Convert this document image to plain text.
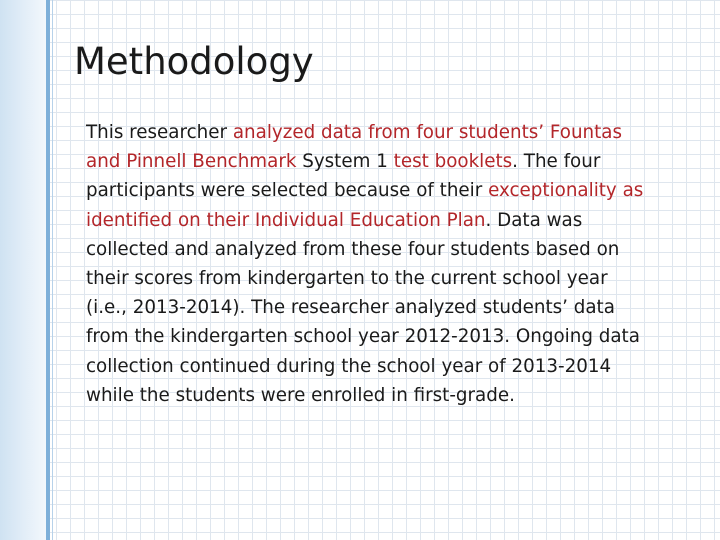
Methodology

This researcher analyzed data from four students’ Fountas and Pinnell Benchmark System 1 test booklets. The four participants were selected because of their exceptionality as identified on their Individual Education Plan. Data was collected and analyzed from these four students based on their scores from kindergarten to the current school year (i.e., 2013-2014). The researcher analyzed students’ data from the kindergarten school year 2012-2013. Ongoing data collection continued during the school year of 2013-2014 while the students were enrolled in first-grade.
